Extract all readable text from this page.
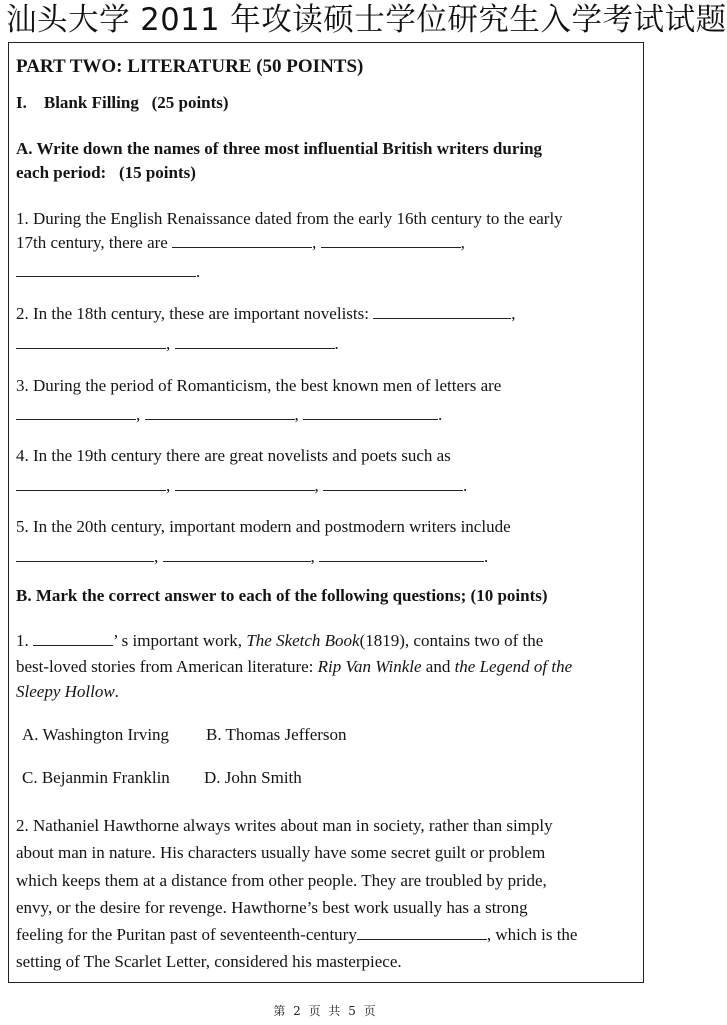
汕头大学 2011 年攻读硕士学位研究生入学考试试题
PART TWO: LITERATURE (50 POINTS)
I. Blank Filling (25 points)
A. Write down the names of three most influential British writers during
each period: (15 points)
1. During the English Renaissance dated from the early 16th century to the early
17th century, there are	,	,
.
2. In the 18th century, these are important novelists:	,
,	.
3. During the period of Romanticism, the best known men of letters are
,	,	.
4. In the 19th century there are great novelists and poets such as
,	,	.
5. In the 20th century, important modern and postmodern writers include
,	,	.
B. Mark the correct answer to each of the following questions; (10 points)
1.	’ s important work, The Sketch Book(1819), contains two of the
best-loved stories from American literature: Rip Van Winkle and the Legend of the
Sleepy Hollow.
A. Washington Irving B. Thomas Jefferson
C. Bejanmin Franklin D. John Smith
2. Nathaniel Hawthorne always writes about man in society, rather than simply
about man in nature. His characters usually have some secret guilt or problem
which keeps them at a distance from other people. They are troubled by pride,
envy, or the desire for revenge. Hawthorne’s best work usually has a strong
feeling for the Puritan past of seventeenth-century	, which is the
setting of The Scarlet Letter, considered his masterpiece.
第 2 页 共 5 页
